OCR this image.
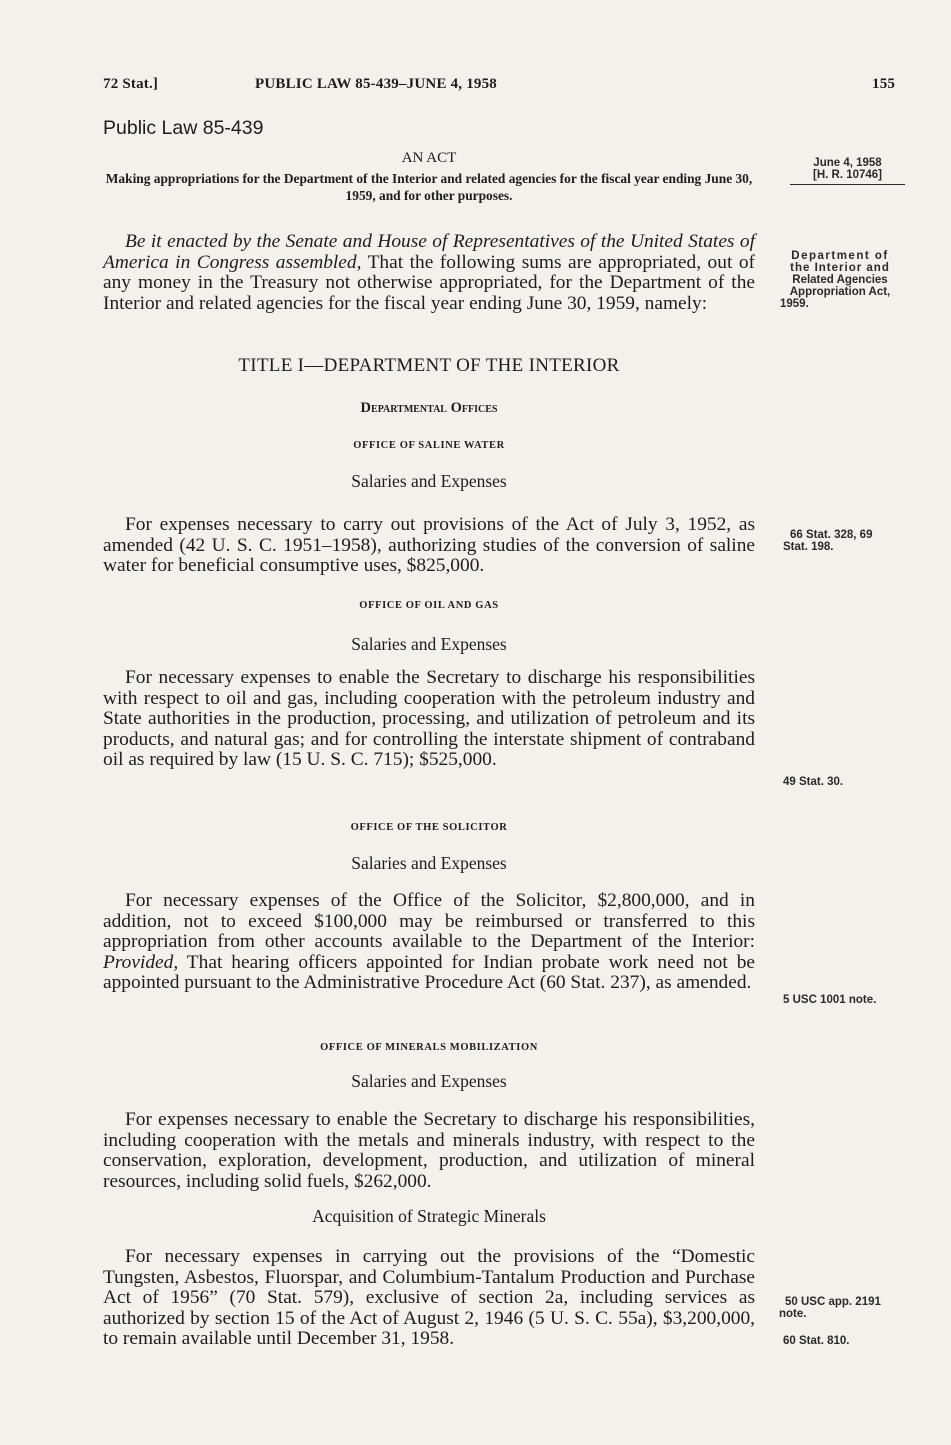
72 Stat.]	PUBLIC LAW 85-439–JUNE 4, 1958	155
Public Law 85-439
AN ACT
Making appropriations for the Department of the Interior and related agencies for the fiscal year ending June 30, 1959, and for other purposes.

Be it enacted by the Senate and House of Representatives of the United States of America in Congress assembled, That the following sums are appropriated, out of any money in the Treasury not otherwise appropriated, for the Department of the Interior and related agencies for the fiscal year ending June 30, 1959, namely:

TITLE I—DEPARTMENT OF THE INTERIOR
Departmental Offices
OFFICE OF SALINE WATER
Salaries and Expenses

For expenses necessary to carry out provisions of the Act of July 3, 1952, as amended (42 U. S. C. 1951–1958), authorizing studies of the conversion of saline water for beneficial consumptive uses, $825,000.

OFFICE OF OIL AND GAS
Salaries and Expenses

For necessary expenses to enable the Secretary to discharge his responsibilities with respect to oil and gas, including cooperation with the petroleum industry and State authorities in the production, processing, and utilization of petroleum and its products, and natural gas; and for controlling the interstate shipment of contraband oil as required by law (15 U. S. C. 715); $525,000.

OFFICE OF THE SOLICITOR
Salaries and Expenses

For necessary expenses of the Office of the Solicitor, $2,800,000, and in addition, not to exceed $100,000 may be reimbursed or transferred to this appropriation from other accounts available to the Department of the Interior: Provided, That hearing officers appointed for Indian probate work need not be appointed pursuant to the Administrative Procedure Act (60 Stat. 237), as amended.

OFFICE OF MINERALS MOBILIZATION
Salaries and Expenses

For expenses necessary to enable the Secretary to discharge his responsibilities, including cooperation with the metals and minerals industry, with respect to the conservation, exploration, development, production, and utilization of mineral resources, including solid fuels, $262,000.

Acquisition of Strategic Minerals

For necessary expenses in carrying out the provisions of the “Domestic Tungsten, Asbestos, Fluorspar, and Columbium-Tantalum Production and Purchase Act of 1956” (70 Stat. 579), exclusive of section 2a, including services as authorized by section 15 of the Act of August 2, 1946 (5 U. S. C. 55a), $3,200,000, to remain available until December 31, 1958.

June 4, 1958
[H. R. 10746]
Department of
the Interior and
Related Agencies
Appropriation Act,
1959.
66 Stat. 328, 69
Stat. 198.
49 Stat. 30.
5 USC 1001 note.
50 USC app. 2191
note.
60 Stat. 810.
